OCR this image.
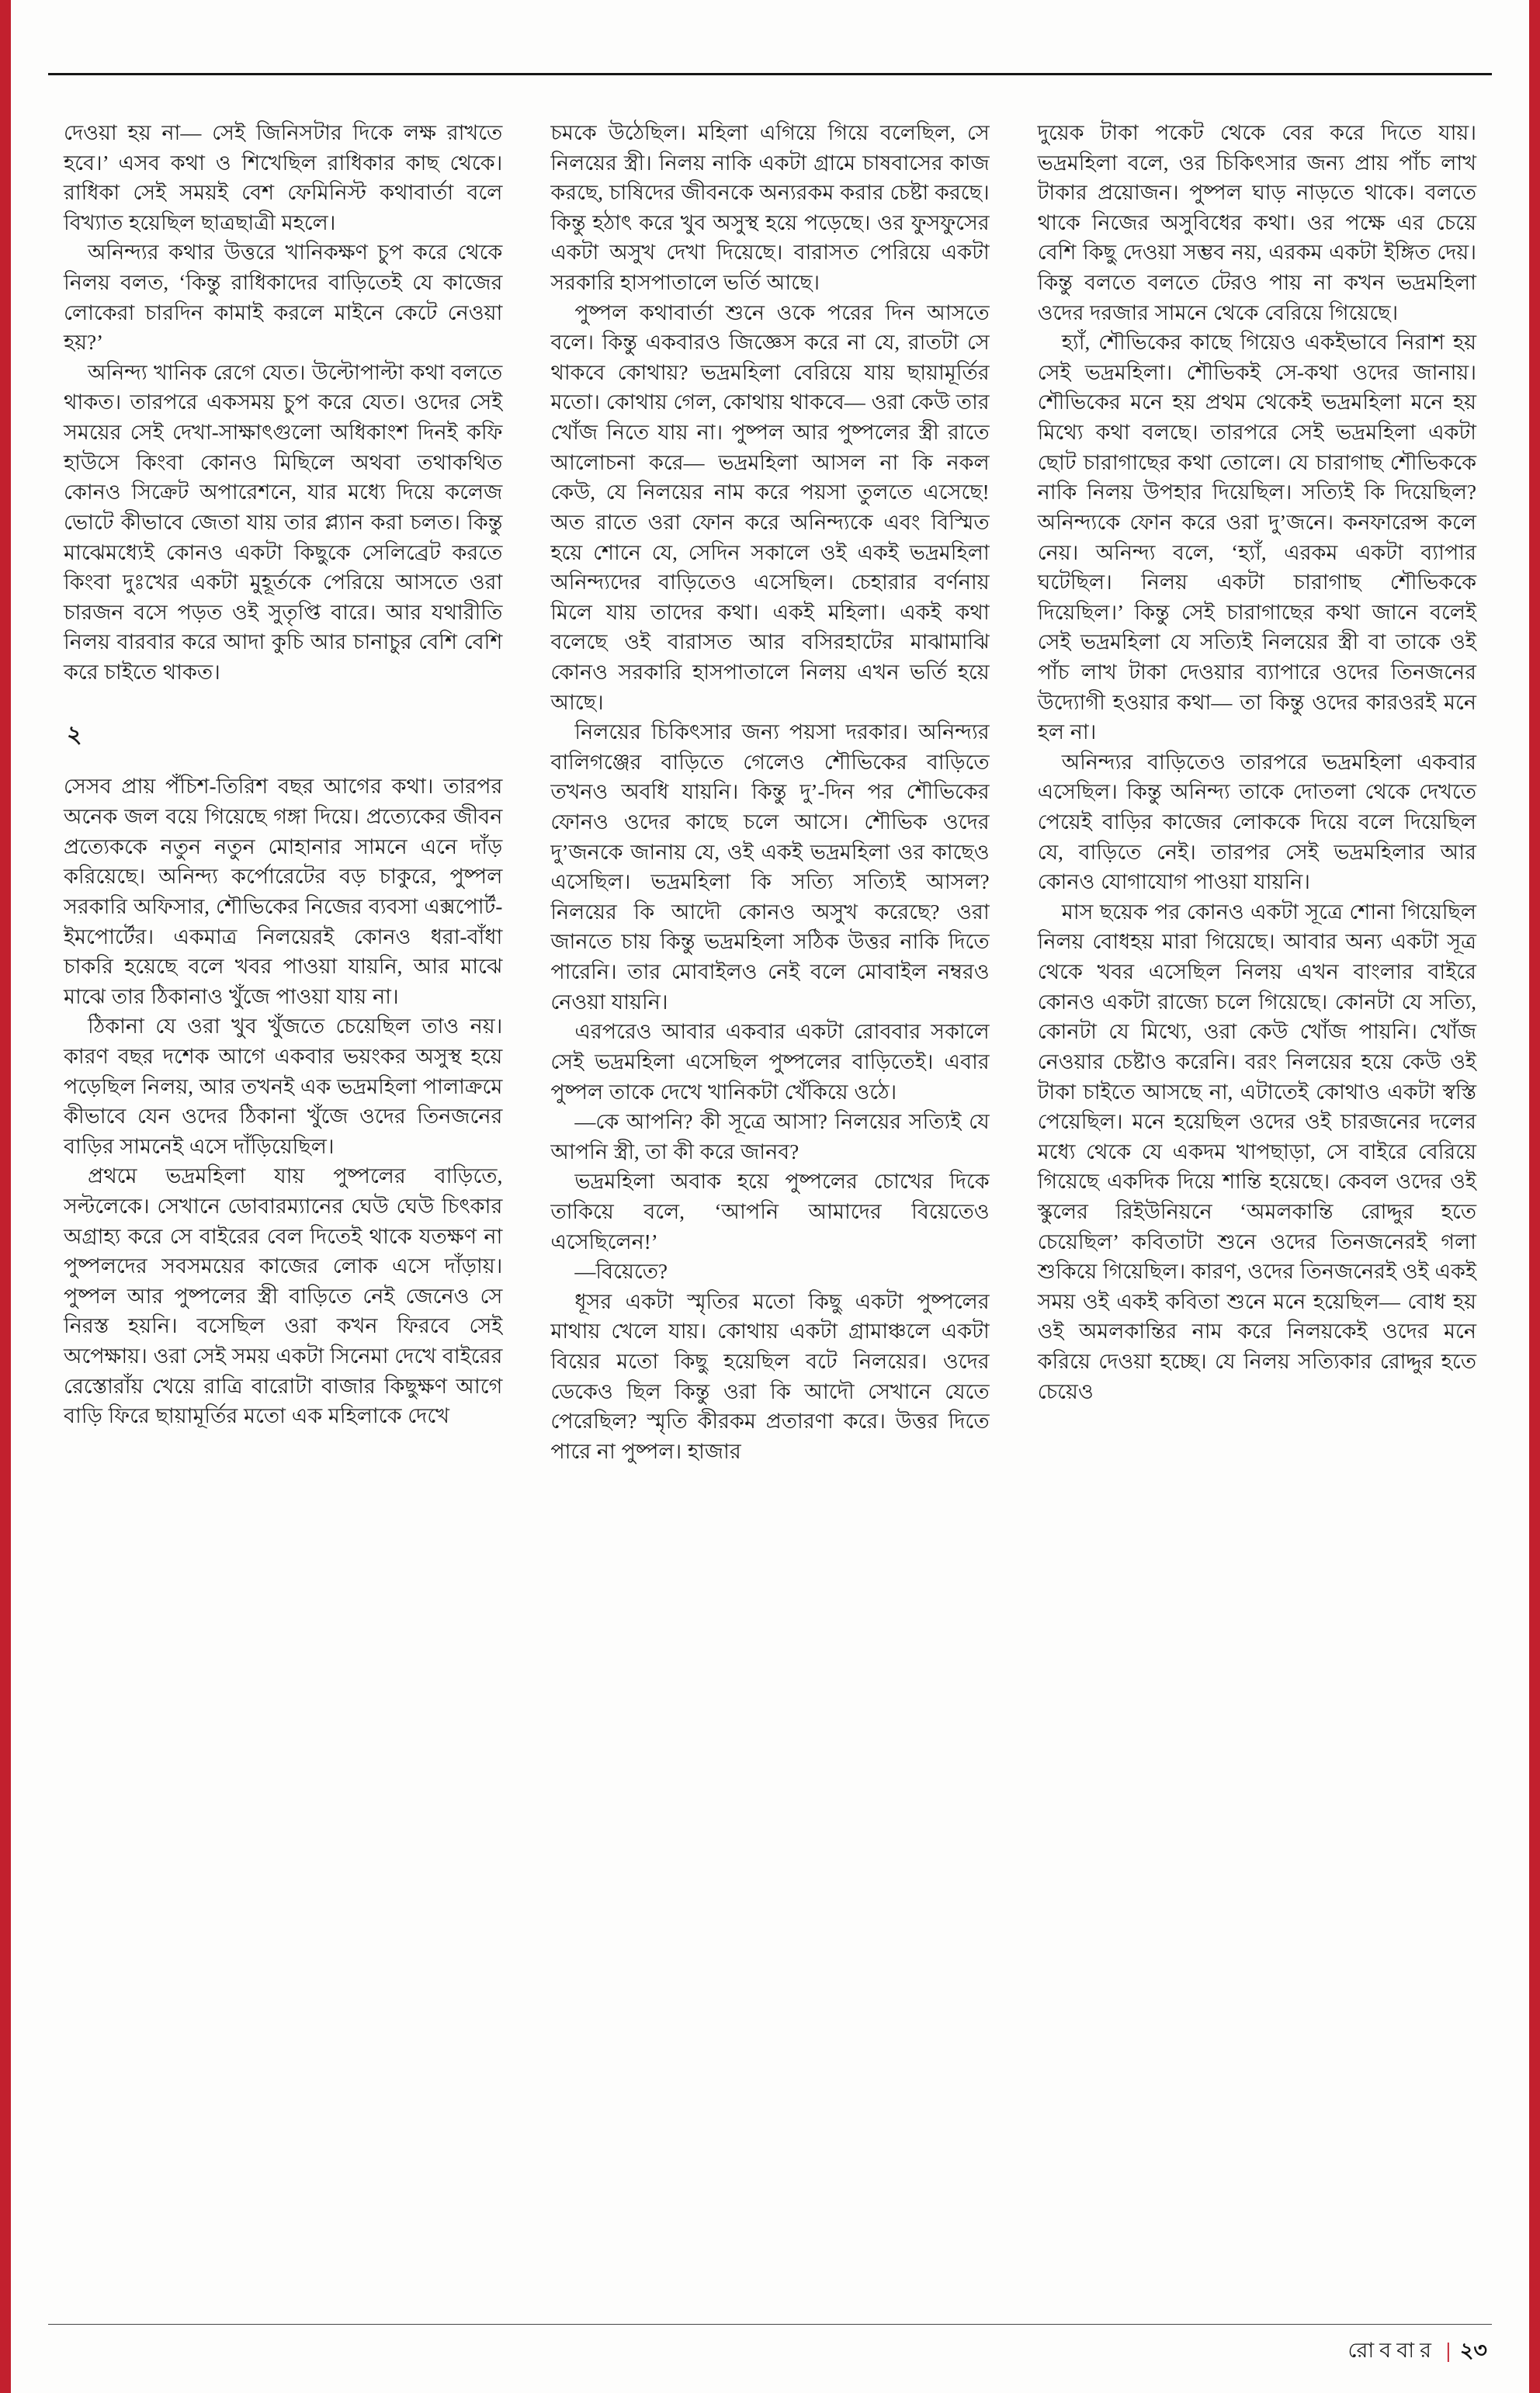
দেওয়া হয় না— সেই জিনিসটার দিকে লক্ষ রাখতে হবে।’ এসব কথা ও শিখেছিল রাধিকার কাছ থেকে। রাধিকা সেই সময়ই বেশ ফেমিনিস্ট কথাবার্তা বলে বিখ্যাত হয়েছিল ছাত্রছাত্রী মহলে।

অনিন্দ্যর কথার উত্তরে খানিকক্ষণ চুপ করে থেকে নিলয় বলত, ‘কিন্তু রাধিকাদের বাড়িতেই যে কাজের লোকেরা চারদিন কামাই করলে মাইনে কেটে নেওয়া হয়?’

অনিন্দ্য খানিক রেগে যেত। উল্টোপাল্টা কথা বলতে থাকত। তারপরে একসময় চুপ করে যেত। ওদের সেই সময়ের সেই দেখা-সাক্ষাৎগুলো অধিকাংশ দিনই কফি হাউসে কিংবা কোনও মিছিলে অথবা তথাকথিত কোনও সিক্রেট অপারেশনে, যার মধ্যে দিয়ে কলেজ ভোটে কীভাবে জেতা যায় তার প্ল্যান করা চলত। কিন্তু মাঝেমধ্যেই কোনও একটা কিছুকে সেলিব্রেট করতে কিংবা দুঃখের একটা মুহূর্তকে পেরিয়ে আসতে ওরা চারজন বসে পড়ত ওই সুতৃপ্তি বারে। আর যথারীতি নিলয় বারবার করে আদা কুচি আর চানাচুর বেশি বেশি করে চাইতে থাকত।

২

সেসব প্রায় পঁচিশ-তিরিশ বছর আগের কথা। তারপর অনেক জল বয়ে গিয়েছে গঙ্গা দিয়ে। প্রত্যেকের জীবন প্রত্যেককে নতুন নতুন মোহানার সামনে এনে দাঁড় করিয়েছে। অনিন্দ্য কর্পোরেটের বড় চাকুরে, পুষ্পল সরকারি অফিসার, শৌভিকের নিজের ব্যবসা এক্সপোর্ট-ইমপোর্টের। একমাত্র নিলয়েরই কোনও ধরা-বাঁধা চাকরি হয়েছে বলে খবর পাওয়া যায়নি, আর মাঝে মাঝে তার ঠিকানাও খুঁজে পাওয়া যায় না।

ঠিকানা যে ওরা খুব খুঁজতে চেয়েছিল তাও নয়। কারণ বছর দশেক আগে একবার ভয়ংকর অসুস্থ হয়ে পড়েছিল নিলয়, আর তখনই এক ভদ্রমহিলা পালাক্রমে কীভাবে যেন ওদের ঠিকানা খুঁজে ওদের তিনজনের বাড়ির সামনেই এসে দাঁড়িয়েছিল।

প্রথমে ভদ্রমহিলা যায় পুষ্পলের বাড়িতে, সল্টলেকে। সেখানে ডোবারম্যানের ঘেউ ঘেউ চিৎকার অগ্রাহ্য করে সে বাইরের বেল দিতেই থাকে যতক্ষণ না পুষ্পলদের সবসময়ের কাজের লোক এসে দাঁড়ায়। পুষ্পল আর পুষ্পলের স্ত্রী বাড়িতে নেই জেনেও সে নিরস্ত হয়নি। বসেছিল ওরা কখন ফিরবে সেই অপেক্ষায়। ওরা সেই সময় একটা সিনেমা দেখে বাইরের রেস্তোরাঁয় খেয়ে রাত্রি বারোটা বাজার কিছুক্ষণ আগে বাড়ি ফিরে ছায়ামূর্তির মতো এক মহিলাকে দেখে

চমকে উঠেছিল। মহিলা এগিয়ে গিয়ে বলেছিল, সে নিলয়ের স্ত্রী। নিলয় নাকি একটা গ্রামে চাষবাসের কাজ করছে, চাষিদের জীবনকে অন্যরকম করার চেষ্টা করছে। কিন্তু হঠাৎ করে খুব অসুস্থ হয়ে পড়েছে। ওর ফুসফুসের একটা অসুখ দেখা দিয়েছে। বারাসত পেরিয়ে একটা সরকারি হাসপাতালে ভর্তি আছে।

পুষ্পল কথাবার্তা শুনে ওকে পরের দিন আসতে বলে। কিন্তু একবারও জিজ্ঞেস করে না যে, রাতটা সে থাকবে কোথায়? ভদ্রমহিলা বেরিয়ে যায় ছায়ামূর্তির মতো। কোথায় গেল, কোথায় থাকবে— ওরা কেউ তার খোঁজ নিতে যায় না। পুষ্পল আর পুষ্পলের স্ত্রী রাতে আলোচনা করে— ভদ্রমহিলা আসল না কি নকল কেউ, যে নিলয়ের নাম করে পয়সা তুলতে এসেছে! অত রাতে ওরা ফোন করে অনিন্দ্যকে এবং বিস্মিত হয়ে শোনে যে, সেদিন সকালে ওই একই ভদ্রমহিলা অনিন্দ্যদের বাড়িতেও এসেছিল। চেহারার বর্ণনায় মিলে যায় তাদের কথা। একই মহিলা। একই কথা বলেছে ওই বারাসত আর বসিরহাটের মাঝামাঝি কোনও সরকারি হাসপাতালে নিলয় এখন ভর্তি হয়ে আছে।

নিলয়ের চিকিৎসার জন্য পয়সা দরকার। অনিন্দ্যর বালিগঞ্জের বাড়িতে গেলেও শৌভিকের বাড়িতে তখনও অবধি যায়নি। কিন্তু দু’-দিন পর শৌভিকের ফোনও ওদের কাছে চলে আসে। শৌভিক ওদের দু’জনকে জানায় যে, ওই একই ভদ্রমহিলা ওর কাছেও এসেছিল। ভদ্রমহিলা কি সত্যি সত্যিই আসল? নিলয়ের কি আদৌ কোনও অসুখ করেছে? ওরা জানতে চায় কিন্তু ভদ্রমহিলা সঠিক উত্তর নাকি দিতে পারেনি। তার মোবাইলও নেই বলে মোবাইল নম্বরও নেওয়া যায়নি।

এরপরেও আবার একবার একটা রোববার সকালে সেই ভদ্রমহিলা এসেছিল পুষ্পলের বাড়িতেই। এবার পুষ্পল তাকে দেখে খানিকটা খেঁকিয়ে ওঠে।

—কে আপনি? কী সূত্রে আসা? নিলয়ের সত্যিই যে আপনি স্ত্রী, তা কী করে জানব?

ভদ্রমহিলা অবাক হয়ে পুষ্পলের চোখের দিকে তাকিয়ে বলে, ‘আপনি আমাদের বিয়েতেও এসেছিলেন!’

—বিয়েতে?

ধূসর একটা স্মৃতির মতো কিছু একটা পুষ্পলের মাথায় খেলে যায়। কোথায় একটা গ্রামাঞ্চলে একটা বিয়ের মতো কিছু হয়েছিল বটে নিলয়ের। ওদের ডেকেও ছিল কিন্তু ওরা কি আদৌ সেখানে যেতে পেরেছিল? স্মৃতি কীরকম প্রতারণা করে। উত্তর দিতে পারে না পুষ্পল। হাজার

দুয়েক টাকা পকেট থেকে বের করে দিতে যায়। ভদ্রমহিলা বলে, ওর চিকিৎসার জন্য প্রায় পাঁচ লাখ টাকার প্রয়োজন। পুষ্পল ঘাড় নাড়তে থাকে। বলতে থাকে নিজের অসুবিধের কথা। ওর পক্ষে এর চেয়ে বেশি কিছু দেওয়া সম্ভব নয়, এরকম একটা ইঙ্গিত দেয়। কিন্তু বলতে বলতে টেরও পায় না কখন ভদ্রমহিলা ওদের দরজার সামনে থেকে বেরিয়ে গিয়েছে।

হ্যাঁ, শৌভিকের কাছে গিয়েও একইভাবে নিরাশ হয় সেই ভদ্রমহিলা। শৌভিকই সে-কথা ওদের জানায়। শৌভিকের মনে হয় প্রথম থেকেই ভদ্রমহিলা মনে হয় মিথ্যে কথা বলছে। তারপরে সেই ভদ্রমহিলা একটা ছোট চারাগাছের কথা তোলে। যে চারাগাছ শৌভিককে নাকি নিলয় উপহার দিয়েছিল। সত্যিই কি দিয়েছিল? অনিন্দ্যকে ফোন করে ওরা দু’জনে। কনফারেন্স কলে নেয়। অনিন্দ্য বলে, ‘হ্যাঁ, এরকম একটা ব্যাপার ঘটেছিল। নিলয় একটা চারাগাছ শৌভিককে দিয়েছিল।’ কিন্তু সেই চারাগাছের কথা জানে বলেই সেই ভদ্রমহিলা যে সত্যিই নিলয়ের স্ত্রী বা তাকে ওই পাঁচ লাখ টাকা দেওয়ার ব্যাপারে ওদের তিনজনের উদ্যোগী হওয়ার কথা— তা কিন্তু ওদের কারওরই মনে হল না।

অনিন্দ্যর বাড়িতেও তারপরে ভদ্রমহিলা একবার এসেছিল। কিন্তু অনিন্দ্য তাকে দোতলা থেকে দেখতে পেয়েই বাড়ির কাজের লোককে দিয়ে বলে দিয়েছিল যে, বাড়িতে নেই। তারপর সেই ভদ্রমহিলার আর কোনও যোগাযোগ পাওয়া যায়নি।

মাস ছয়েক পর কোনও একটা সূত্রে শোনা গিয়েছিল নিলয় বোধহয় মারা গিয়েছে। আবার অন্য একটা সূত্র থেকে খবর এসেছিল নিলয় এখন বাংলার বাইরে কোনও একটা রাজ্যে চলে গিয়েছে। কোনটা যে সত্যি, কোনটা যে মিথ্যে, ওরা কেউ খোঁজ পায়নি। খোঁজ নেওয়ার চেষ্টাও করেনি। বরং নিলয়ের হয়ে কেউ ওই টাকা চাইতে আসছে না, এটাতেই কোথাও একটা স্বস্তি পেয়েছিল। মনে হয়েছিল ওদের ওই চারজনের দলের মধ্যে থেকে যে একদম খাপছাড়া, সে বাইরে বেরিয়ে গিয়েছে একদিক দিয়ে শান্তি হয়েছে। কেবল ওদের ওই স্কুলের রিইউনিয়নে ‘অমলকান্তি রোদ্দুর হতে চেয়েছিল’ কবিতাটা শুনে ওদের তিনজনেরই গলা শুকিয়ে গিয়েছিল। কারণ, ওদের তিনজনেরই ওই একই সময় ওই একই কবিতা শুনে মনে হয়েছিল— বোধ হয় ওই অমলকান্তির নাম করে নিলয়কেই ওদের মনে করিয়ে দেওয়া হচ্ছে। যে নিলয় সত্যিকার রোদ্দুর হতে চেয়েও

রোববার | ২৩
